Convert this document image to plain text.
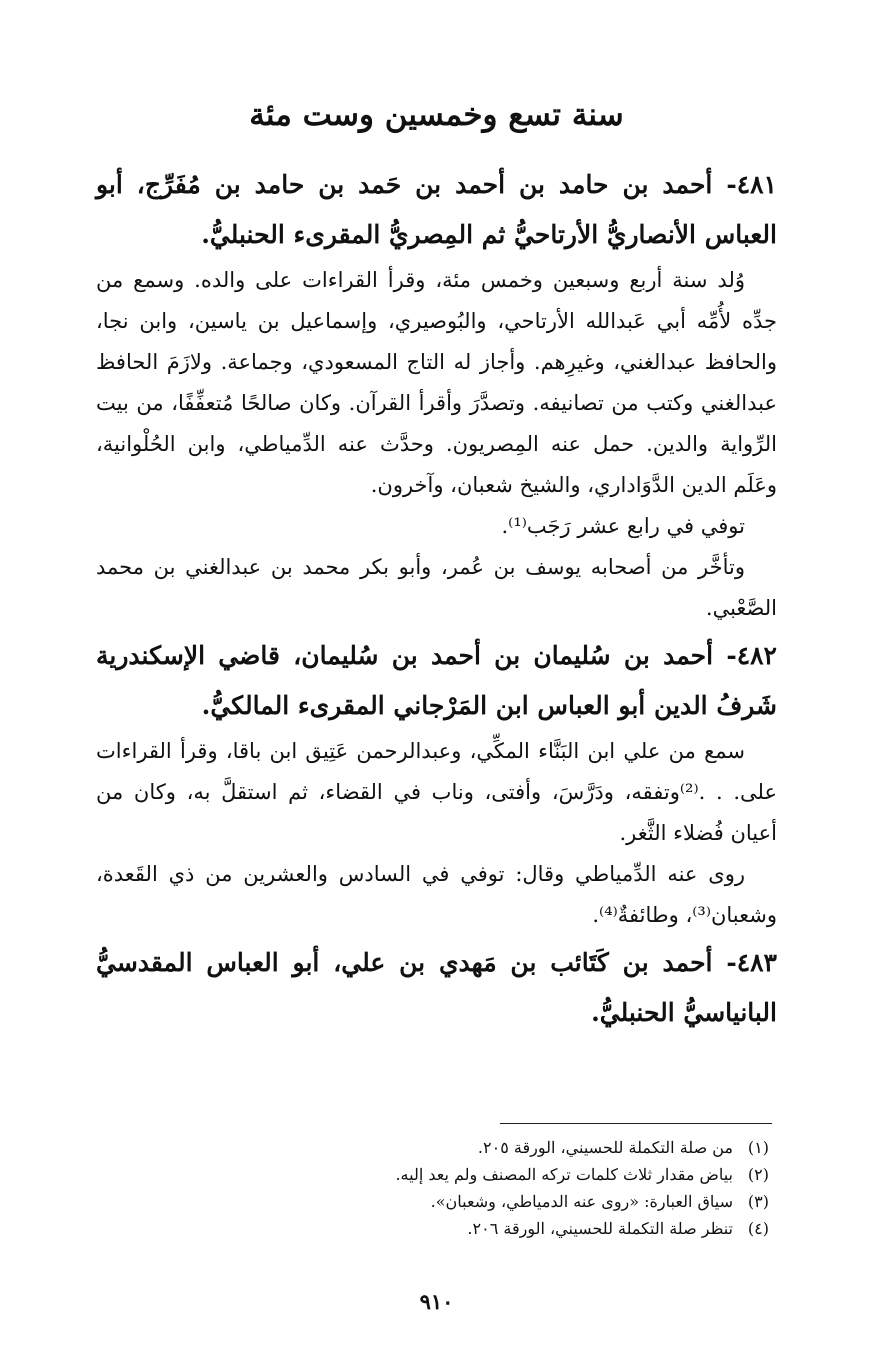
سنة تسع وخمسين وست مئة

٤٨١- أحمد بن حامد بن أحمد بن حَمد بن حامد بن مُفَرِّج، أبو العباس الأنصاريُّ الأرتاحيُّ ثم المِصريُّ المقرىء الحنبليُّ.

وُلد سنة أربع وسبعين وخمس مئة، وقرأ القراءات على والده. وسمع من جدِّه لأُمِّه أبي عَبدالله الأرتاحي، والبُوصيري، وإسماعيل بن ياسين، وابن نجا، والحافظ عبدالغني، وغيرِهم. وأجاز له التاج المسعودي، وجماعة. ولازَمَ الحافظ عبدالغني وكتب من تصانيفه. وتصدَّرَ وأقرأ القرآن. وكان صالحًا مُتعفِّفًا، من بيت الرِّواية والدين. حمل عنه المِصريون. وحدَّث عنه الدِّمياطي، وابن الحُلْوانية، وعَلَم الدين الدَّوَاداري، والشيخ شعبان، وآخرون.

توفي في رابع عشر رَجَب⁽¹⁾.

وتأخَّر من أصحابه يوسف بن عُمر، وأبو بكر محمد بن عبدالغني بن محمد الصَّعْبي.

٤٨٢- أحمد بن سُليمان بن أحمد بن سُليمان، قاضي الإسكندرية شَرفُ الدين أبو العباس ابن المَرْجاني المقرىء المالكيُّ.

سمع من علي ابن البَنَّاء المكِّي، وعبدالرحمن عَتِيق ابن باقا، وقرأ القراءات على. . .⁽²⁾وتفقه، ودَرَّسَ، وأفتى، وناب في القضاء، ثم استقلَّ به، وكان من أعيان فُضلاء الثَّغر.

روى عنه الدِّمياطي وقال: توفي في السادس والعشرين من ذي القَعدة، وشعبان⁽³⁾، وطائفةٌ⁽⁴⁾.

٤٨٣- أحمد بن كَتَائب بن مَهدي بن علي، أبو العباس المقدسيُّ البانياسيُّ الحنبليُّ.

(١)من صلة التكملة للحسيني، الورقة ٢٠٥.
(٢)بياض مقدار ثلاث كلمات تركه المصنف ولم يعد إليه.
(٣)سياق العبارة: «روى عنه الدمياطي، وشعبان».
(٤)تنظر صلة التكملة للحسيني، الورقة ٢٠٦.
٩١٠
